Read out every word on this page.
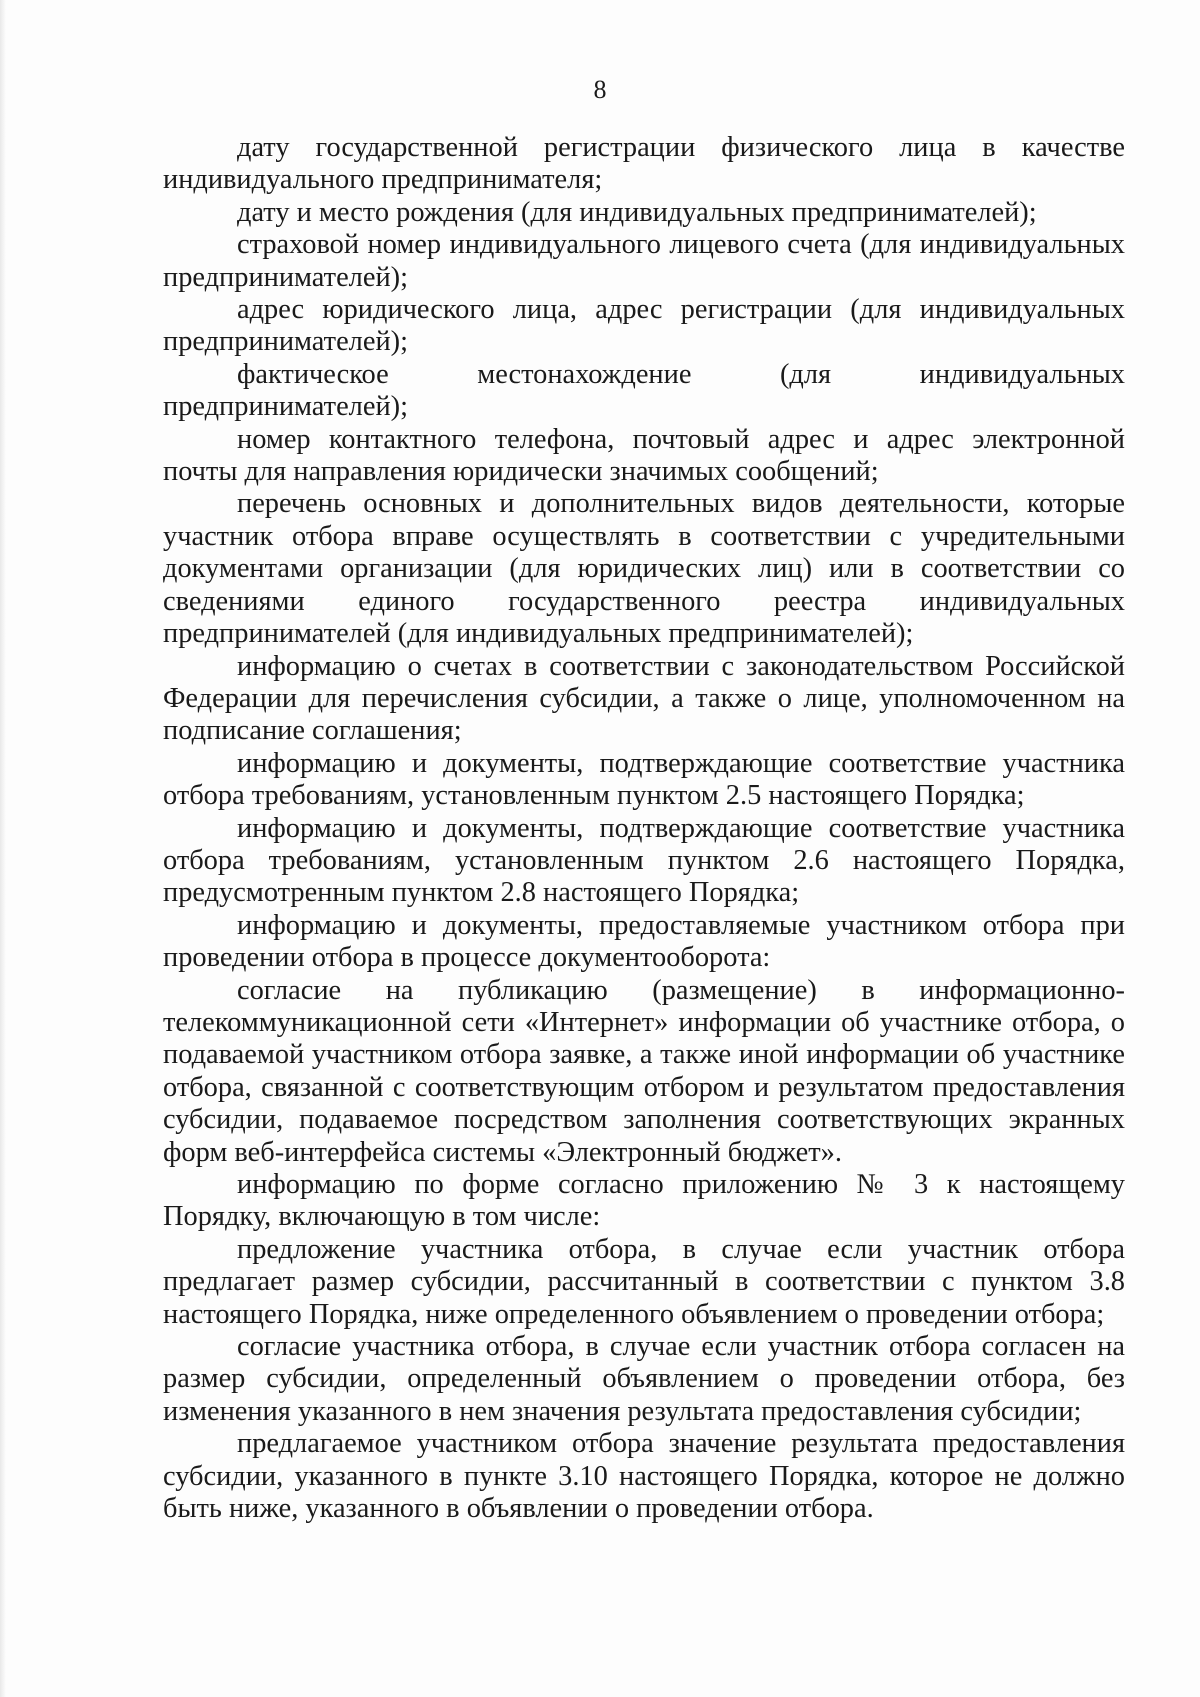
8

дату государственной регистрации физического лица в качестве индивидуального предпринимателя;

дату и место рождения (для индивидуальных предпринимателей);

страховой номер индивидуального лицевого счета (для индивидуальных предпринимателей);

адрес юридического лица, адрес регистрации (для индивидуальных предпринимателей);

фактическое местонахождение (для индивидуальных предпринимателей);

номер контактного телефона, почтовый адрес и адрес электронной почты для направления юридически значимых сообщений;

перечень основных и дополнительных видов деятельности, которые участник отбора вправе осуществлять в соответствии с учредительными документами организации (для юридических лиц) или в соответствии со сведениями единого государственного реестра индивидуальных предпринимателей (для индивидуальных предпринимателей);

информацию о счетах в соответствии с законодательством Российской Федерации для перечисления субсидии, а также о лице, уполномоченном на подписание соглашения;

информацию и документы, подтверждающие соответствие участника отбора требованиям, установленным пунктом 2.5 настоящего Порядка;

информацию и документы, подтверждающие соответствие участника отбора требованиям, установленным пунктом 2.6 настоящего Порядка, предусмотренным пунктом 2.8 настоящего Порядка;

информацию и документы, предоставляемые участником отбора при проведении отбора в процессе документооборота:

согласие на публикацию (размещение) в информационно-телекоммуникационной сети «Интернет» информации об участнике отбора, о подаваемой участником отбора заявке, а также иной информации об участнике отбора, связанной с соответствующим отбором и результатом предоставления субсидии, подаваемое посредством заполнения соответствующих экранных форм веб-интерфейса системы «Электронный бюджет».

информацию по форме согласно приложению № 3 к настоящему Порядку, включающую в том числе:

предложение участника отбора, в случае если участник отбора предлагает размер субсидии, рассчитанный в соответствии с пунктом 3.8 настоящего Порядка, ниже определенного объявлением о проведении отбора;

согласие участника отбора, в случае если участник отбора согласен на размер субсидии, определенный объявлением о проведении отбора, без изменения указанного в нем значения результата предоставления субсидии;

предлагаемое участником отбора значение результата предоставления субсидии, указанного в пункте 3.10 настоящего Порядка, которое не должно быть ниже, указанного в объявлении о проведении отбора.
